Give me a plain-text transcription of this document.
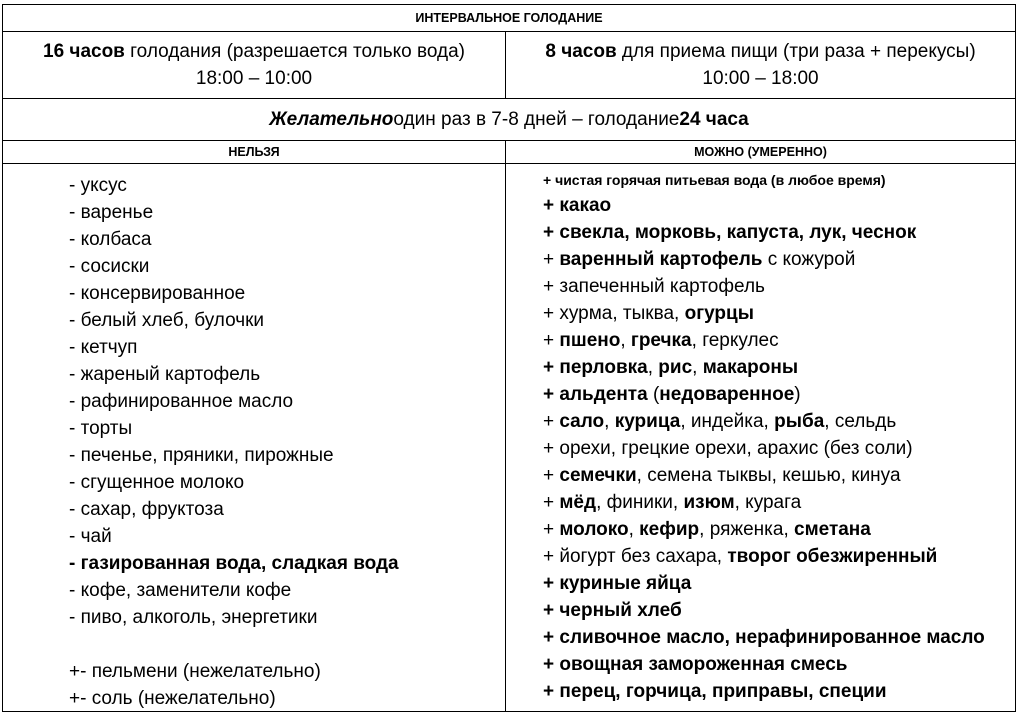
ИНТЕРВАЛЬНОЕ ГОЛОДАНИЕ
16 часов голодания (разрешается только вода)
18:00 – 10:00
8 часов для приема пищи (три раза + перекусы)
10:00 – 18:00
Желательно один раз в 7-8 дней – голодание 24 часа
НЕЛЬЗЯ	МОЖНО (УМЕРЕННО)
- уксус
- варенье
- колбаса
- сосиски
- консервированное
- белый хлеб, булочки
- кетчуп
- жареный картофель
- рафинированное масло
- торты
- печенье, пряники, пирожные
- сгущенное молоко
- сахар, фруктоза
- чай
- газированная вода, сладкая вода
- кофе, заменители кофе
- пиво, алкоголь, энергетики
+- пельмени (нежелательно)
+- соль (нежелательно)
+ чистая горячая питьевая вода (в любое время)
+ какао
+ свекла, морковь, капуста, лук, чеснок
+ варенный картофель с кожурой
+ запеченный картофель
+ хурма, тыква, огурцы
+ пшено, гречка, геркулес
+ перловка, рис, макароны
+ альдента (недоваренное)
+ сало, курица, индейка, рыба, сельдь
+ орехи, грецкие орехи, арахис (без соли)
+ семечки, семена тыквы, кешью, кинуа
+ мёд, финики, изюм, курага
+ молоко, кефир, ряженка, сметана
+ йогурт без сахара, творог обезжиренный
+ куриные яйца
+ черный хлеб
+ сливочное масло, нерафинированное масло
+ овощная замороженная смесь
+ перец, горчица, приправы, специи
